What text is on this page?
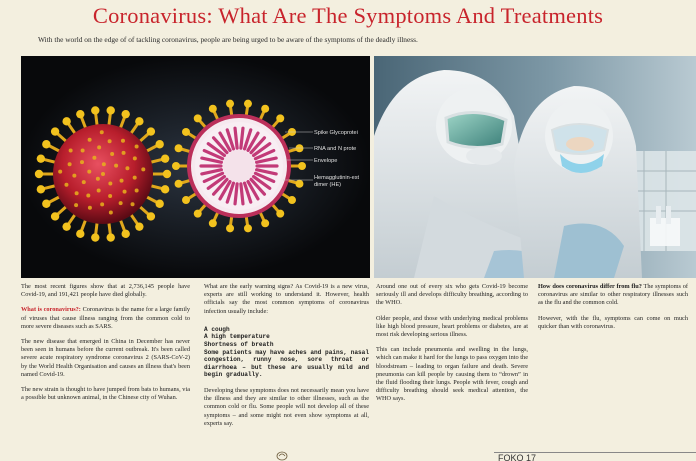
Coronavirus: What Are The Symptoms And Treatments
With the world on the edge of of tackling coronavirus, people are being urged to be aware of the symptoms of the deadly illness.
Spike Glycoprotei
RNA and N prote
Envelope
Hemagglutinin-est
dimer (HE)

The most recent figures show that at 2,736,145 people have Covid-19, and 191,421 people have died globally.

What is coronavirus?: Coronavirus is the name for a large family of viruses that cause illness ranging from the common cold to more severe diseases such as SARS.

The new disease that emerged in China in December has never been seen in humans before the current outbreak. It's been called severe acute respiratory syndrome coronavirus 2 (SARS-CoV-2) by the World Health Organisation and causes an illness that's been named Covid-19.

The new strain is thought to have jumped from bats to humans, via a possible but unknown animal, in the Chinese city of Wuhan.

What are the early warning signs? As Covid-19 is a new virus, experts are still working to understand it. However, health officials say the most common symptoms of coronavirus infection usually include:

A cough
A high temperature
Shortness of breath
Some patients may have aches and pains, nasal congestion, runny nose, sore throat or diarrhoea – but these are usually mild and begin gradually.

Developing these symptoms does not necessarily mean you have the illness and they are similar to other illnesses, such as the common cold or flu. Some people will not develop all of these symptoms – and some might not even show symptoms at all, experts say.

Around one out of every six who gets Covid-19 become seriously ill and develops difficulty breathing, according to the WHO.

Older people, and those with underlying medical problems like high blood pressure, heart problems or diabetes, are at most risk developing serious illness.

This can include pneumonia and swelling in the lungs, which can make it hard for the lungs to pass oxygen into the bloodstream – leading to organ failure and death. Severe pneumonia can kill people by causing them to “drown” in the fluid flooding their lungs. People with fever, cough and difficulty breathing should seek medical attention, the WHO says.

How does coronavirus differ from flu? The symptoms of coronavirus are similar to other respiratory illnesses such as the flu and the common cold.

However, with the flu, symptoms can come on much quicker than with coronavirus.

FOKO 17
